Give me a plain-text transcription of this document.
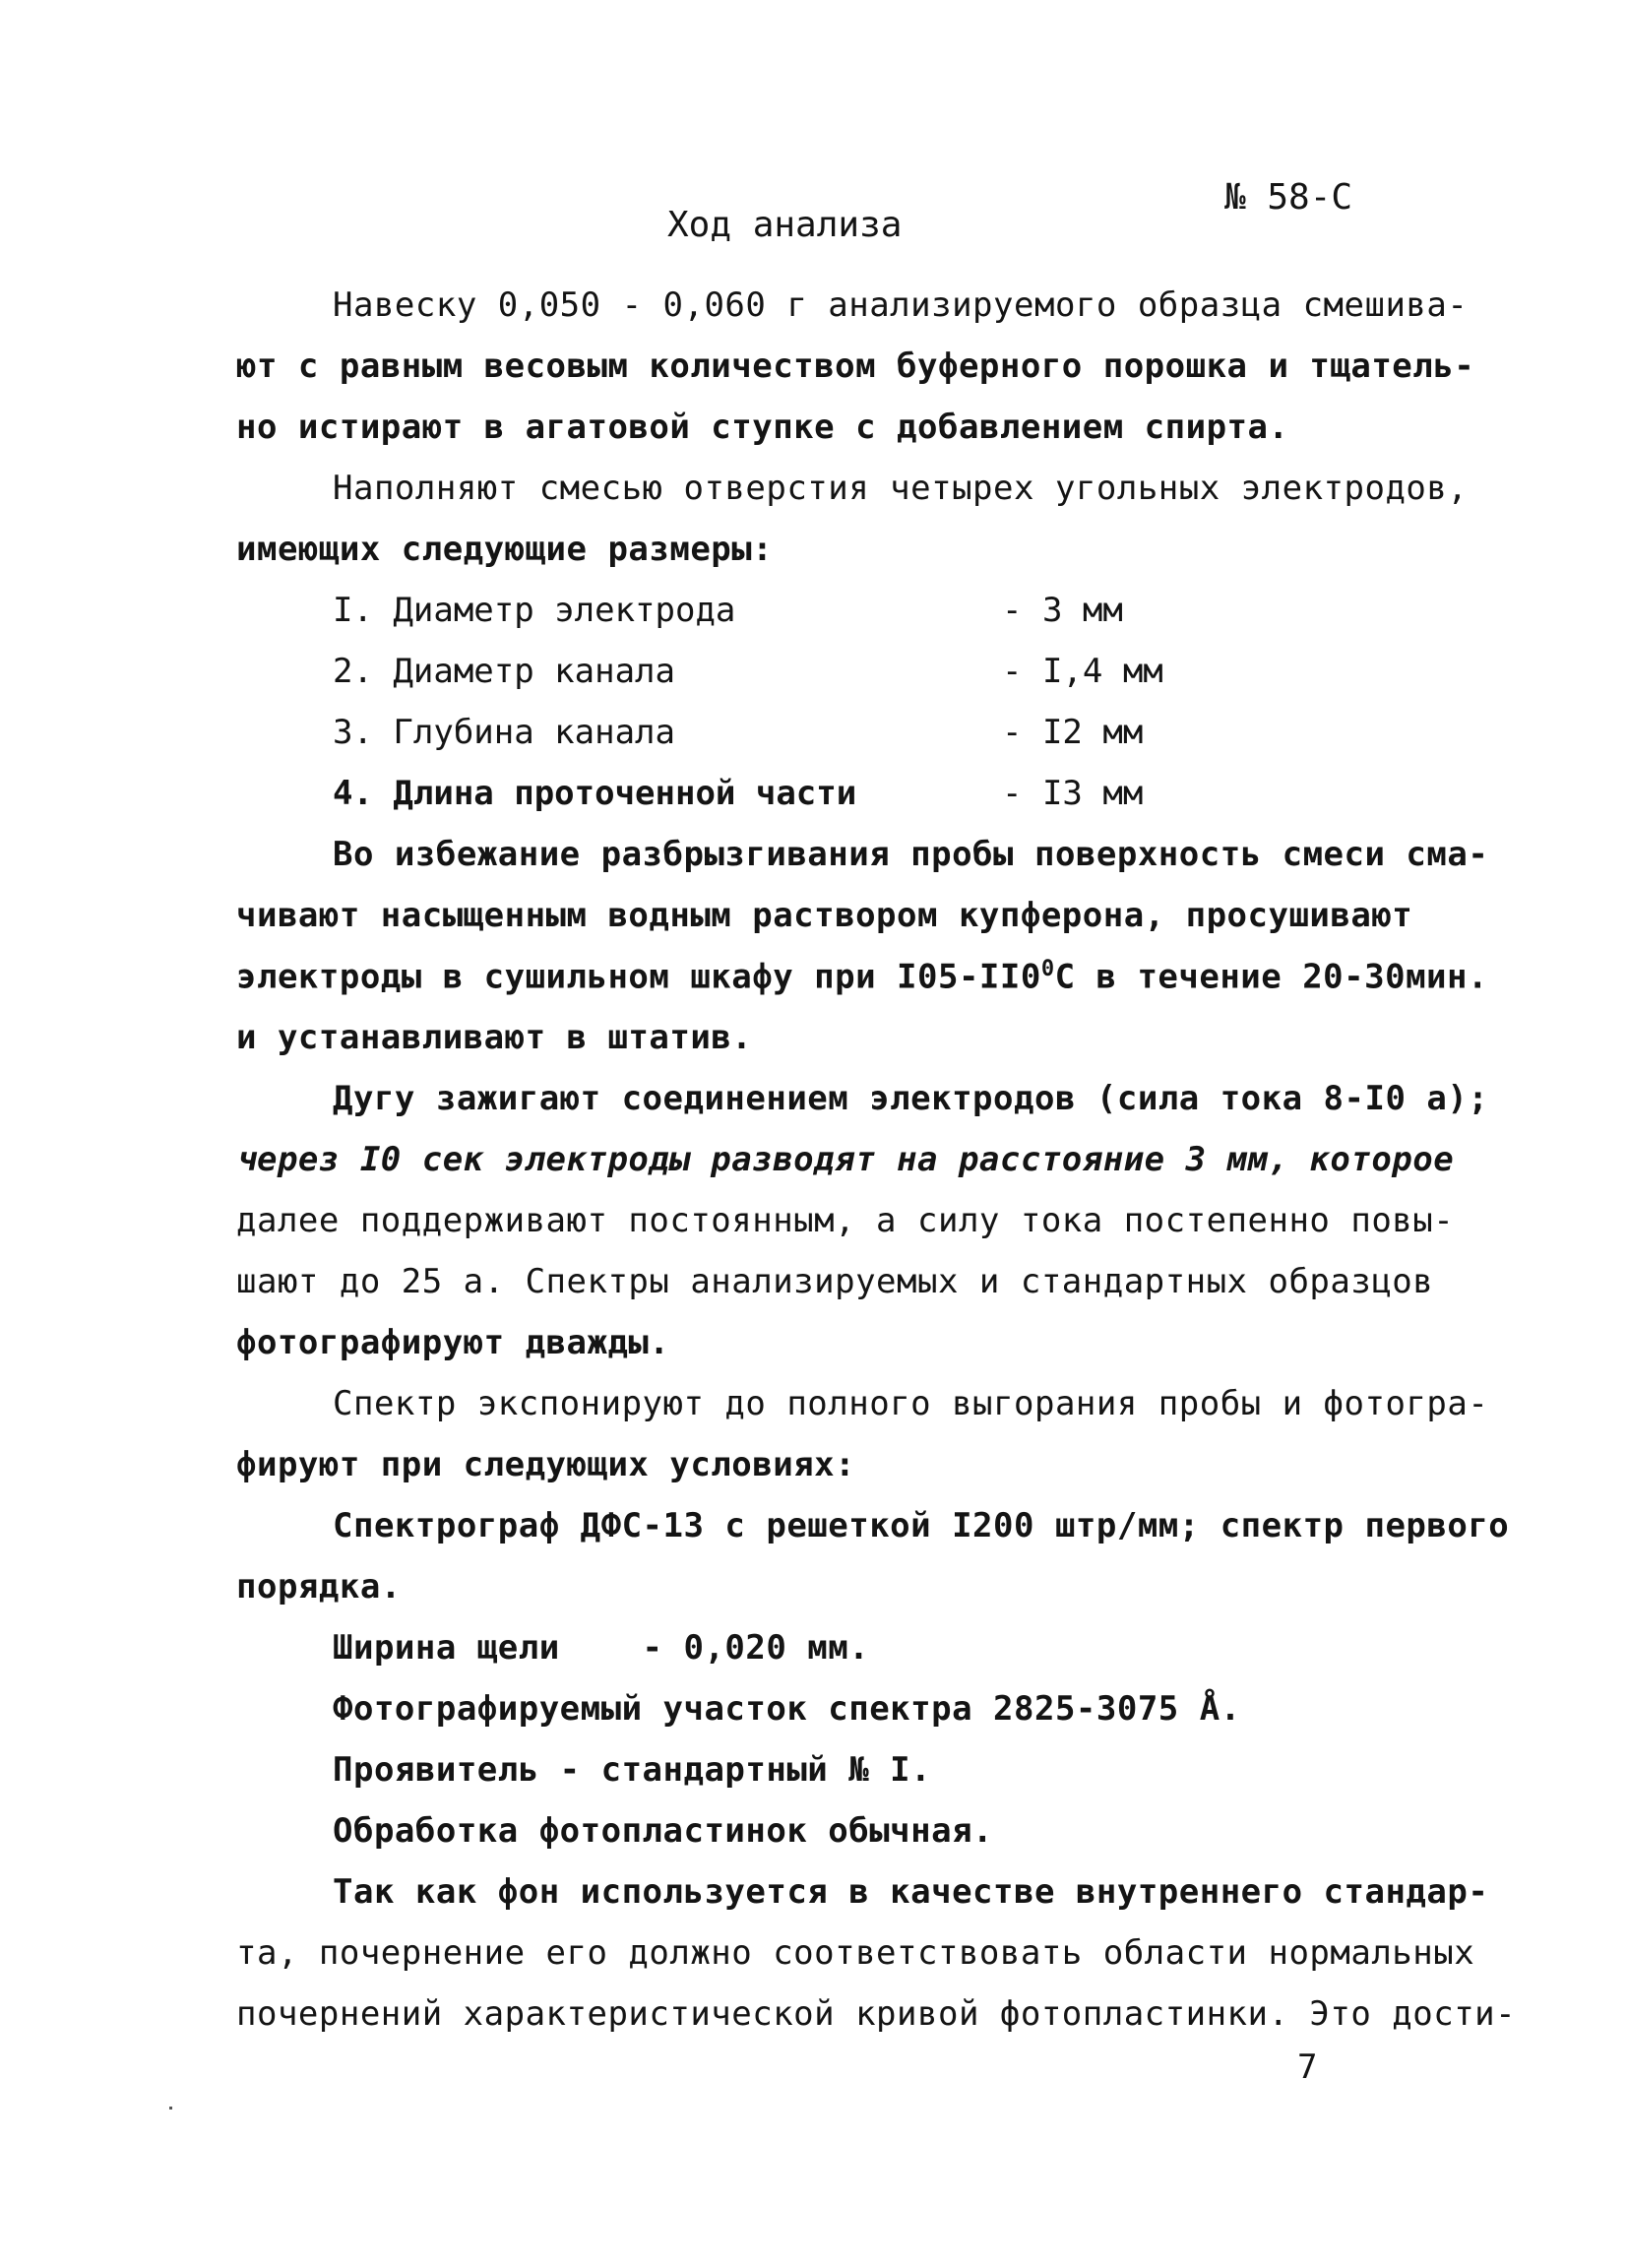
№ 58-С
Ход анализа
Навеску 0,050 - 0,060 г анализируемого образца смешива-
ют с равным весовым количеством буферного порошка и тщатель-
но истирают в агатовой ступке с добавлением спирта.
Наполняют смесью отверстия четырех угольных электродов,
имеющих следующие размеры:
I. Диаметр электрода	- 3 мм
2. Диаметр канала	- I,4 мм
3. Глубина канала	- I2 мм
4. Длина проточенной части	- I3 мм
Во избежание разбрызгивания пробы поверхность смеси сма-
чивают насыщенным водным раствором купферона, просушивают
электроды в сушильном шкафу при $I05-II0^0С$ в течение 20-30мин.
и устанавливают в штатив.
Дугу зажигают соединением электродов (сила тока 8-I0 а);
через I0 сек электроды разводят на расстояние 3 мм, которое
далее поддерживают постоянным, а силу тока постепенно повы-
шают до 25 а. Спектры анализируемых и стандартных образцов
фотографируют дважды.
Спектр экспонируют до полного выгорания пробы и фотогра-
фируют при следующих условиях:
Спектрограф ДФС-13 с решеткой I200 штр/мм; спектр первого
порядка.
Ширина щели    - 0,020 мм.
Фотографируемый участок спектра 2825-3075 Å.
Проявитель - стандартный № I.
Обработка фотопластинок обычная.
Так как фон используется в качестве внутреннего стандар-
та, почернение его должно соответствовать области нормальных
почернений характеристической кривой фотопластинки. Это дости-
7
